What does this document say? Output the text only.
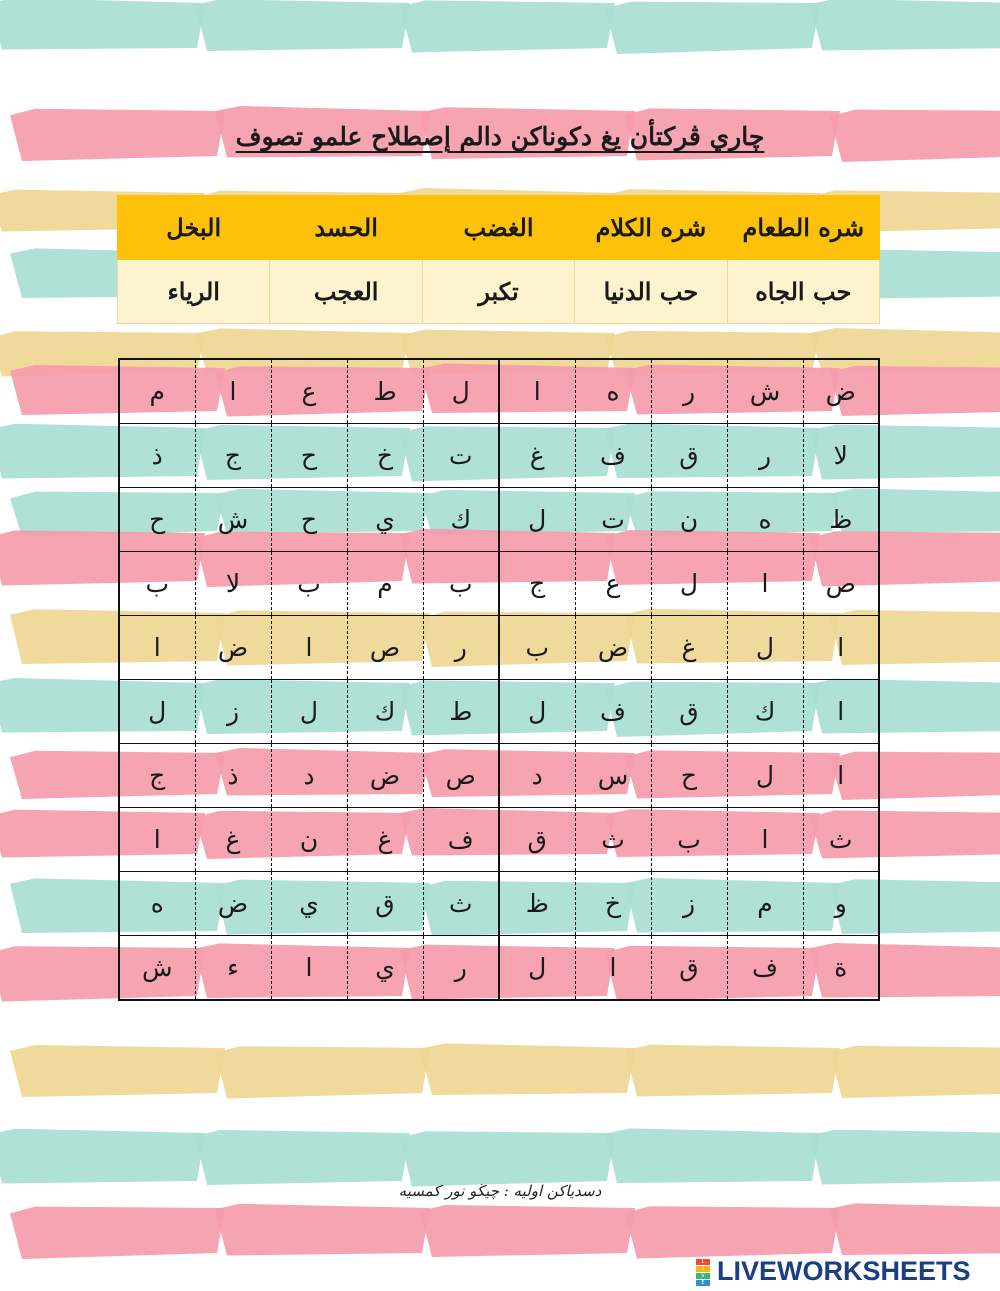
چاري ڤركتأن يغ دكوناكن دالم إصطلاح علمو تصوف
شره الطعام	شره الكلام	الغضب	الحسد	البخل
حب الجاه	حب الدنيا	تكبر	العجب	الرياء
ض	ش	ر	ه	ا	ل	ط	ع	ا	م
لا	ر	ق	ف	غ	ت	خ	ح	ج	ذ
ظ	ه	ن	ت	ل	ك	ي	ح	ش	ح
ص	ا	ل	ع	ج	ب	م	ب	لا	ب
ا	ل	غ	ض	ب	ر	ص	ا	ض	ا
ا	ك	ق	ف	ل	ط	ك	ل	ز	ل
ا	ل	ح	س	د	ص	ض	د	ذ	ج
ث	ا	ب	ث	ق	ف	غ	ن	غ	ا
و	م	ز	خ	ظ	ث	ق	ي	ض	ه
ة	ف	ق	ا	ل	ر	ي	ا	ء	ش
دسدياكن اوليه : چيڬو نور كمسيه
L
I
V
E LIVEWORKSHEETS
